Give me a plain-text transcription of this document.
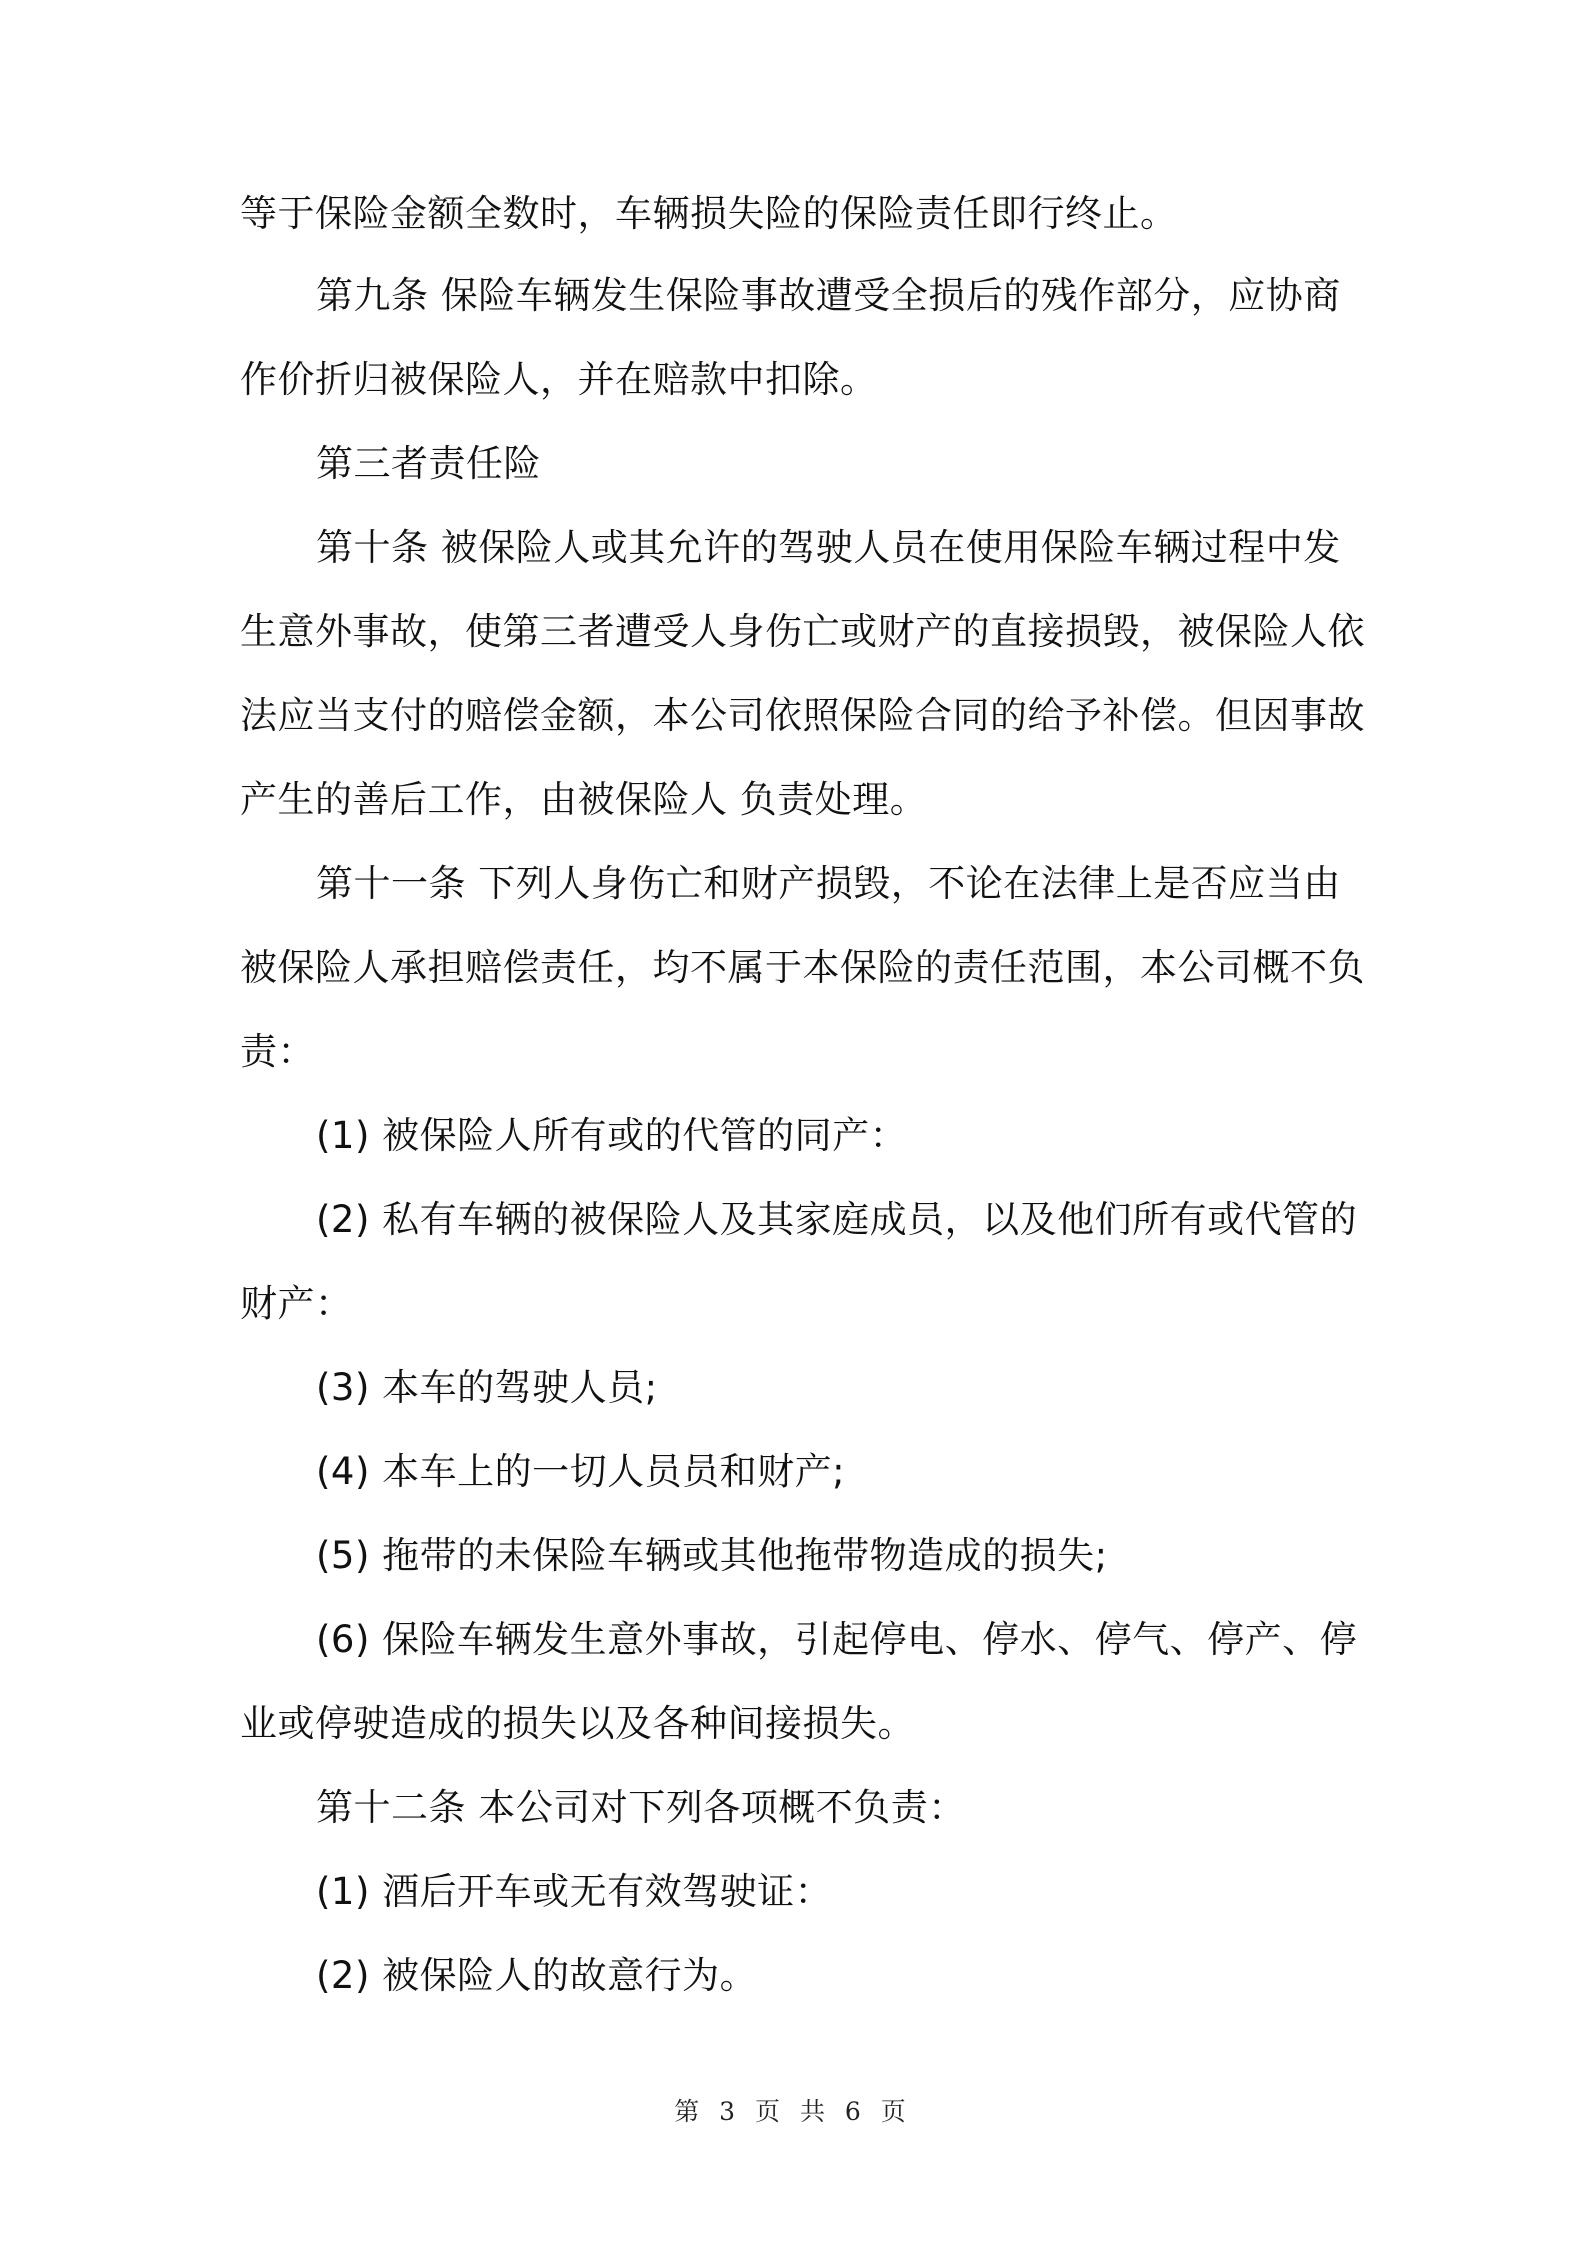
等于保险金额全数时，车辆损失险的保险责任即行终止。
第九条 保险车辆发生保险事故遭受全损后的残作部分，应协商
作价折归被保险人，并在赔款中扣除。
第三者责任险
第十条 被保险人或其允许的驾驶人员在使用保险车辆过程中发
生意外事故，使第三者遭受人身伤亡或财产的直接损毁，被保险人依
法应当支付的赔偿金额，本公司依照保险合同的给予补偿。但因事故
产生的善后工作，由被保险人 负责处理。
第十一条 下列人身伤亡和财产损毁，不论在法律上是否应当由
被保险人承担赔偿责任，均不属于本保险的责任范围，本公司概不负
责：
(1) 被保险人所有或的代管的同产：
(2) 私有车辆的被保险人及其家庭成员，以及他们所有或代管的
财产：
(3) 本车的驾驶人员;
(4) 本车上的一切人员员和财产;
(5) 拖带的未保险车辆或其他拖带物造成的损失;
(6) 保险车辆发生意外事故，引起停电、停水、停气、停产、停
业或停驶造成的损失以及各种间接损失。
第十二条 本公司对下列各项概不负责：
(1) 酒后开车或无有效驾驶证：
(2) 被保险人的故意行为。
第 3 页 共 6 页
